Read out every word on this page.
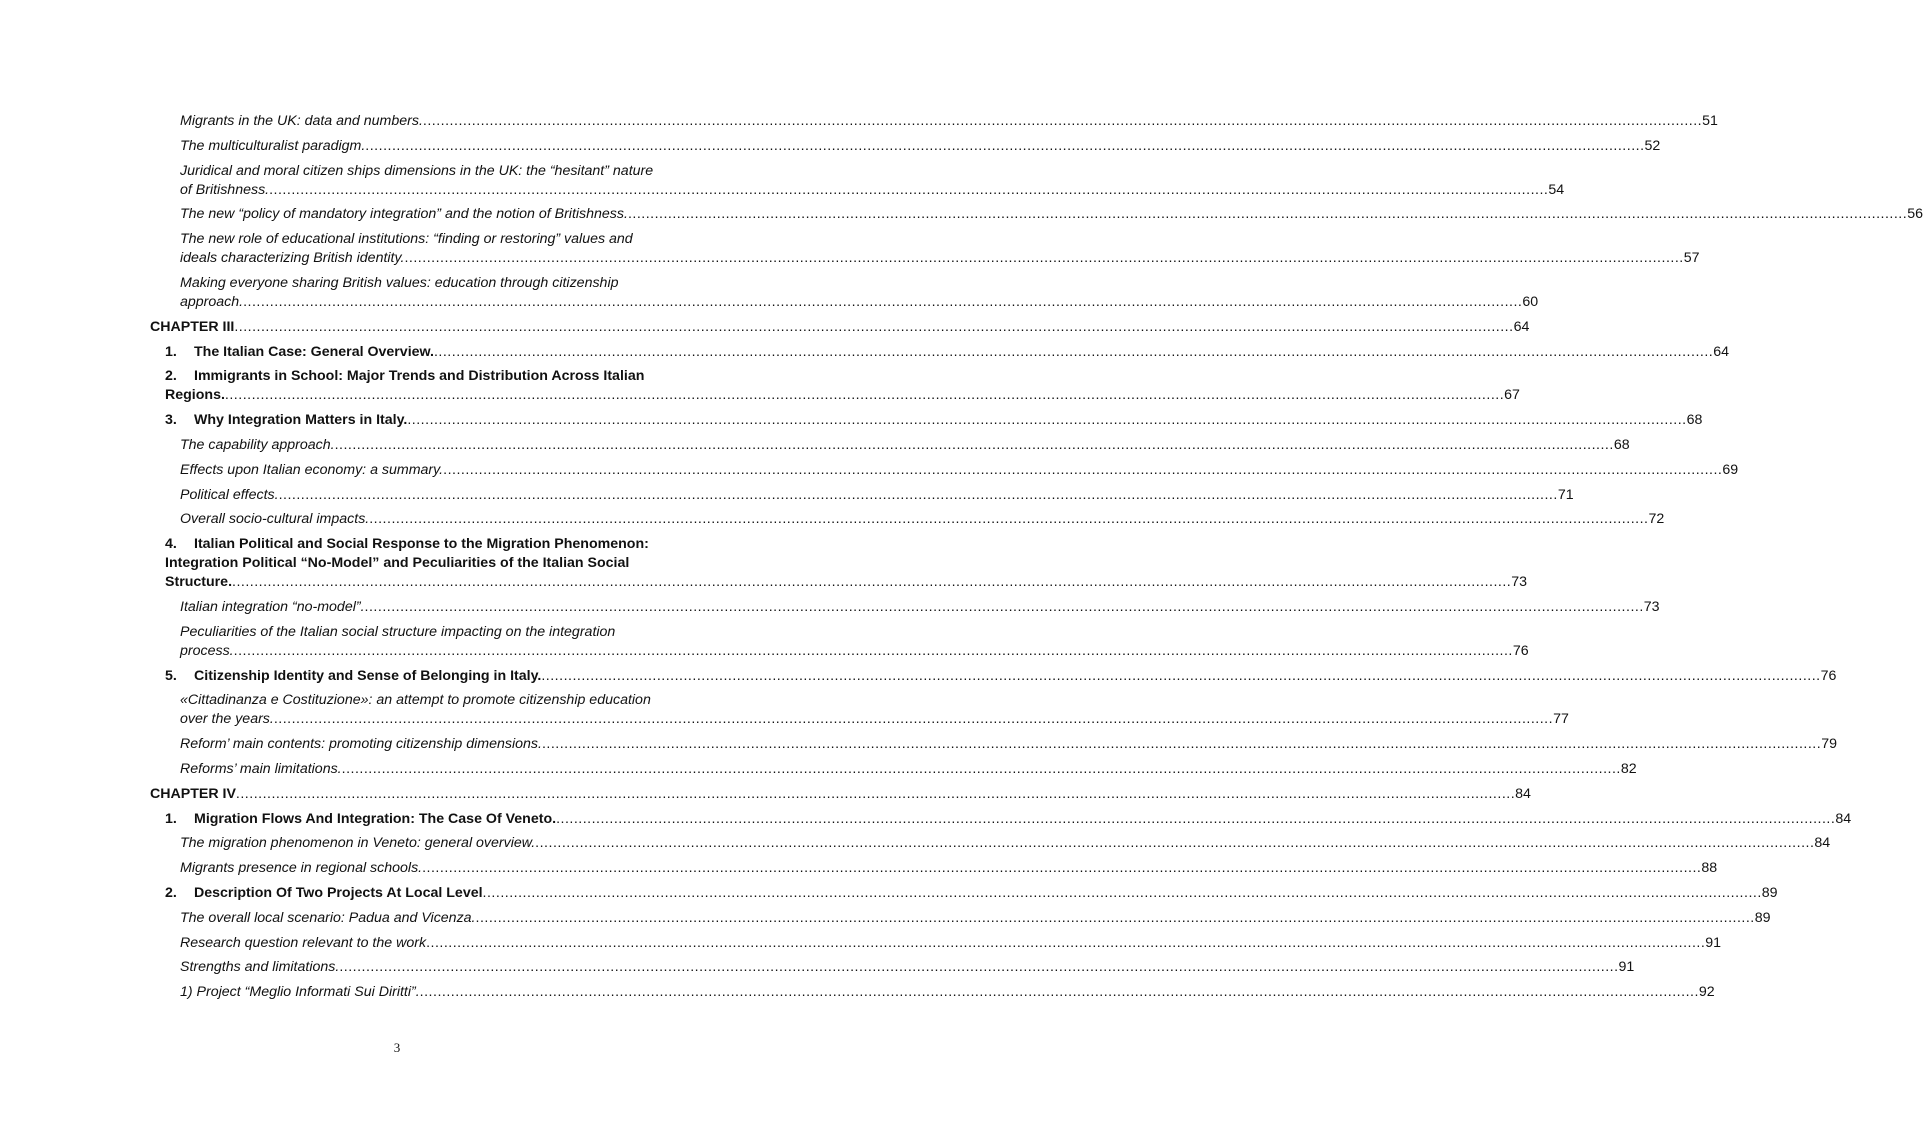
Migrants in the UK: data and numbers. .....	51
The multiculturalist paradigm. .....	52
Juridical and moral citizen ships dimensions in the UK: the “hesitant” nature
of Britishness. .....	54
The new “policy of mandatory integration” and the notion of Britishness. .....	56
The new role of educational institutions: “finding or restoring” values and
ideals characterizing British identity. .....	57
Making everyone sharing British values: education through citizenship
approach. .....	60
CHAPTER III .....	64
1. The Italian Case: General Overview. .....	64
2. Immigrants in School: Major Trends and Distribution Across Italian
Regions. .....	67
3. Why Integration Matters in Italy. .....	68
The capability approach. .....	68
Effects upon Italian economy: a summary. .....	69
Political effects. .....	71
Overall socio-cultural impacts. .....	72
4. Italian Political and Social Response to the Migration Phenomenon:
Integration Political “No-Model” and Peculiarities of the Italian Social
Structure. .....	73
Italian integration “no-model”. .....	73
Peculiarities of the Italian social structure impacting on the integration
process. .....	76
5. Citizenship Identity and Sense of Belonging in Italy. .....	76
«Cittadinanza e Costituzione»: an attempt to promote citizenship education
over the years. .....	77
Reform’ main contents: promoting citizenship dimensions. .....	79
Reforms’ main limitations. .....	82
CHAPTER IV .....	84
1. Migration Flows And Integration: The Case Of Veneto. .....	84
The migration phenomenon in Veneto: general overview. .....	84
Migrants presence in regional schools. .....	88
2. Description Of Two Projects At Local Level .....	89
The overall local scenario: Padua and Vicenza. .....	89
Research question relevant to the work .....	91
Strengths and limitations. .....	91
1) Project “Meglio Informati Sui Diritti”. .....	92
3
